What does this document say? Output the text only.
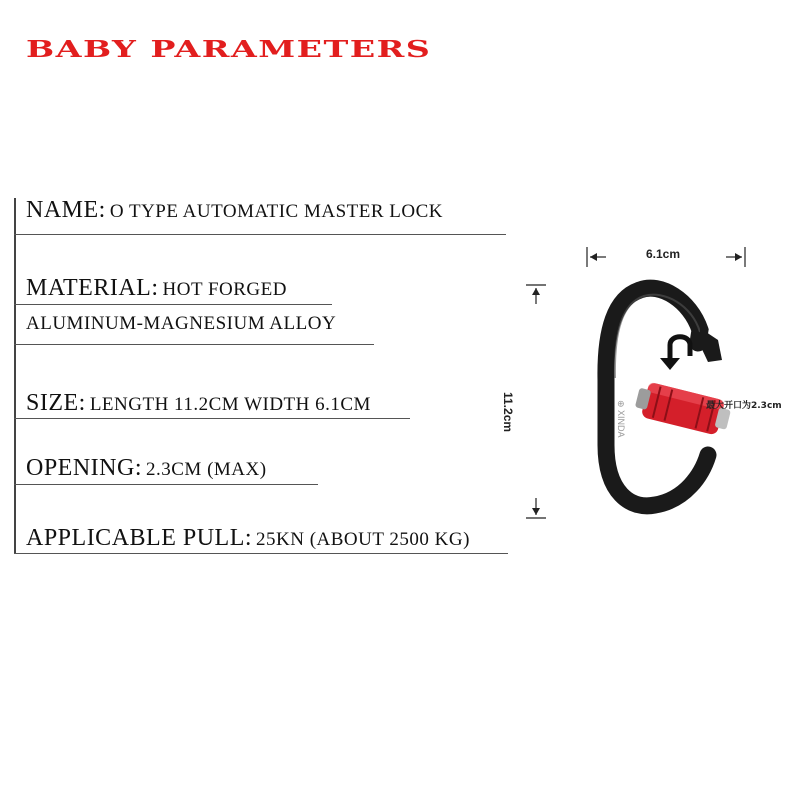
BABY PARAMETERS
NAME: O TYPE AUTOMATIC MASTER LOCK
MATERIAL: HOT FORGED
ALUMINUM-MAGNESIUM ALLOY
SIZE: LENGTH 11.2CM WIDTH 6.1CM
OPENING: 2.3CM (MAX)
APPLICABLE PULL: 25KN (ABOUT 2500 KG)
⊕ XINDA
6.1cm
11.2cm	最大开口为2.3cm
